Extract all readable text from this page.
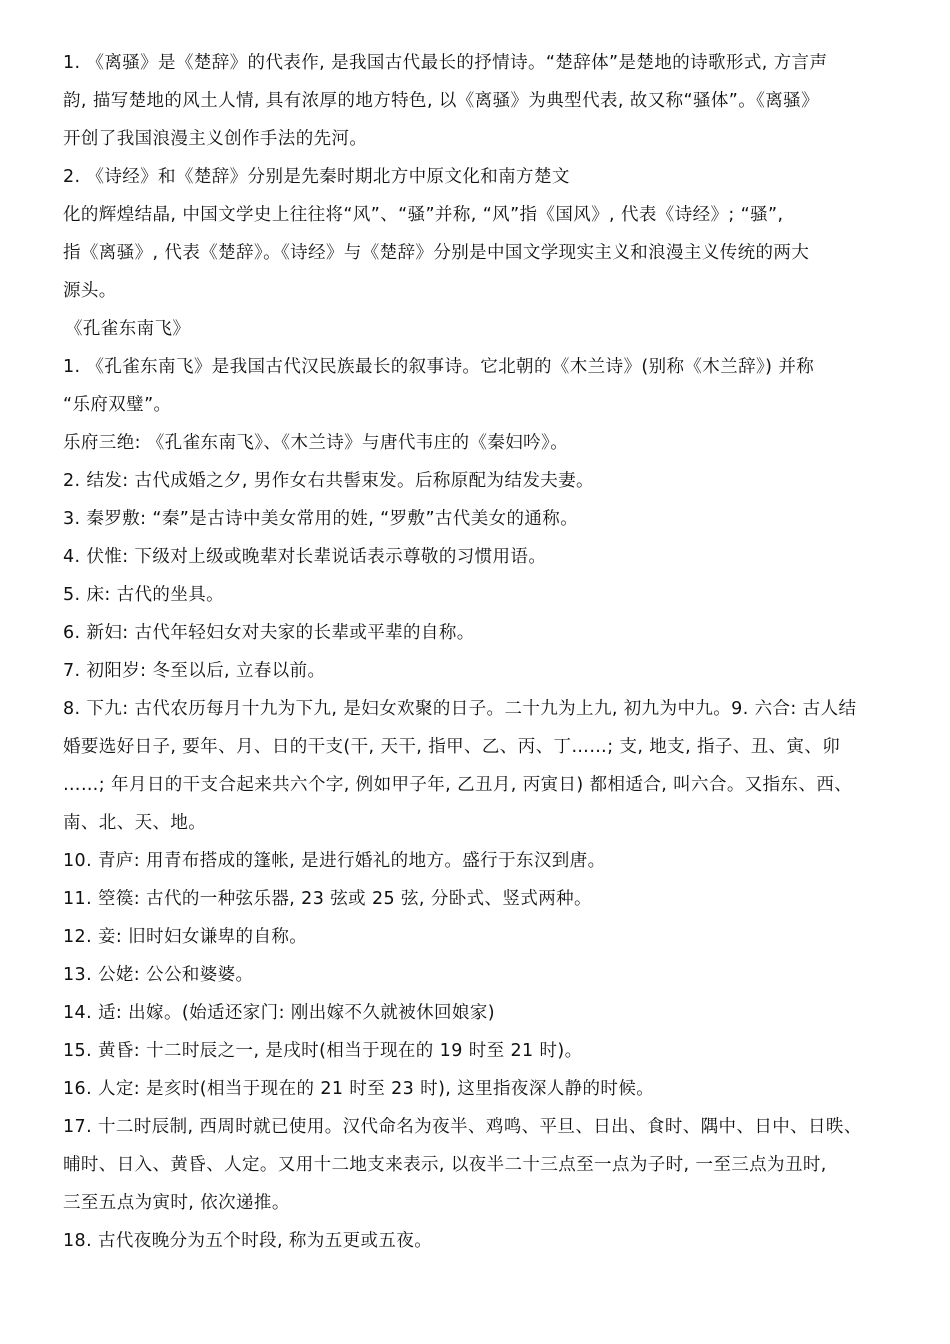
1. 《离骚》是《楚辞》的代表作, 是我国古代最长的抒情诗。“楚辞体”是楚地的诗歌形式, 方言声
韵, 描写楚地的风土人情, 具有浓厚的地方特色, 以《离骚》为典型代表, 故又称“骚体”。《离骚》
开创了我国浪漫主义创作手法的先河。
2. 《诗经》和《楚辞》分别是先秦时期北方中原文化和南方楚文
化的辉煌结晶, 中国文学史上往往将“风”、“骚”并称, “风”指《国风》, 代表《诗经》; “骚”,
指《离骚》, 代表《楚辞》。《诗经》与《楚辞》分别是中国文学现实主义和浪漫主义传统的两大
源头。
《孔雀东南飞》
1. 《孔雀东南飞》是我国古代汉民族最长的叙事诗。它北朝的《木兰诗》(别称《木兰辞》) 并称
“乐府双璧”。
乐府三绝: 《孔雀东南飞》、《木兰诗》与唐代韦庄的《秦妇吟》。
2. 结发: 古代成婚之夕, 男作女右共髻束发。后称原配为结发夫妻。
3. 秦罗敷: “秦”是古诗中美女常用的姓, “罗敷”古代美女的通称。
4. 伏惟: 下级对上级或晚辈对长辈说话表示尊敬的习惯用语。
5. 床: 古代的坐具。
6. 新妇: 古代年轻妇女对夫家的长辈或平辈的自称。
7. 初阳岁: 冬至以后, 立春以前。
8. 下九: 古代农历每月十九为下九, 是妇女欢聚的日子。二十九为上九, 初九为中九。9. 六合: 古人结
婚要选好日子, 要年、月、日的干支(干, 天干, 指甲、乙、丙、丁……; 支, 地支, 指子、丑、寅、卯
……; 年月日的干支合起来共六个字, 例如甲子年, 乙丑月, 丙寅日) 都相适合, 叫六合。又指东、西、
南、北、天、地。
10. 青庐: 用青布搭成的篷帐, 是进行婚礼的地方。盛行于东汉到唐。
11. 箜篌: 古代的一种弦乐器, 23 弦或 25 弦, 分卧式、竖式两种。
12. 妾: 旧时妇女谦卑的自称。
13. 公姥: 公公和婆婆。
14. 适: 出嫁。(始适还家门: 刚出嫁不久就被休回娘家)
15. 黄昏: 十二时辰之一, 是戌时(相当于现在的 19 时至 21 时)。
16. 人定: 是亥时(相当于现在的 21 时至 23 时), 这里指夜深人静的时候。
17. 十二时辰制, 西周时就已使用。汉代命名为夜半、鸡鸣、平旦、日出、食时、隅中、日中、日昳、
晡时、日入、黄昏、人定。又用十二地支来表示, 以夜半二十三点至一点为子时, 一至三点为丑时,
三至五点为寅时, 依次递推。
18. 古代夜晚分为五个时段, 称为五更或五夜。
